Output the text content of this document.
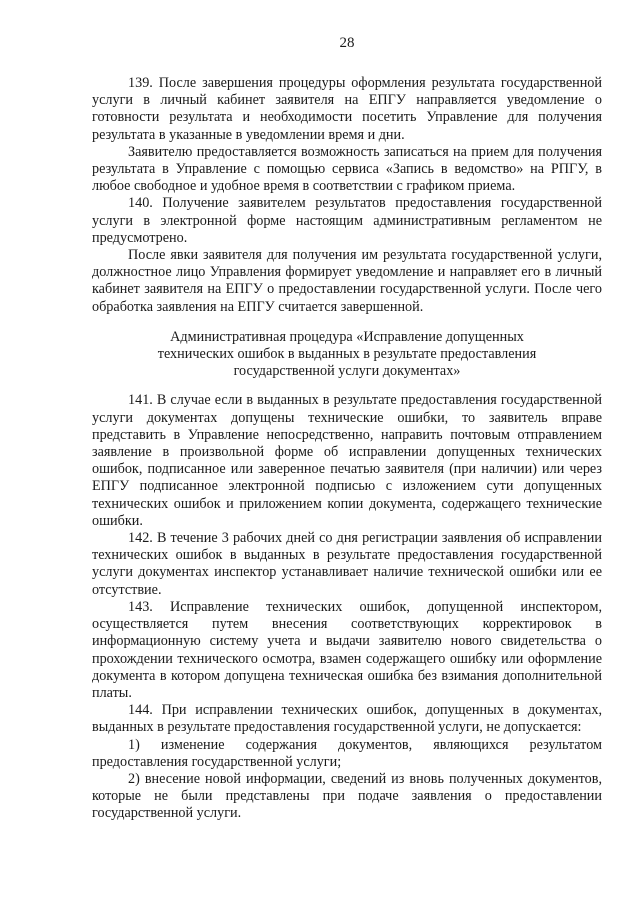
28

139. После завершения процедуры оформления результата государственной услуги в личный кабинет заявителя на ЕПГУ направляется уведомление о готовности результата и необходимости посетить Управление для получения результата в указанные в уведомлении время и дни.

Заявителю предоставляется возможность записаться на прием для получения результата в Управление с помощью сервиса «Запись в ведомство» на РПГУ, в любое свободное и удобное время в соответствии с графиком приема.

140. Получение заявителем результатов предоставления государственной услуги в электронной форме настоящим административным регламентом не предусмотрено.

После явки заявителя для получения им результата государственной услуги, должностное лицо Управления формирует уведомление и направляет его в личный кабинет заявителя на ЕПГУ о предоставлении государственной услуги. После чего обработка заявления на ЕПГУ считается завершенной.

Административная процедура «Исправление допущенных
технических ошибок в выданных в результате предоставления
государственной услуги документах»

141. В случае если в выданных в результате предоставления государственной услуги документах допущены технические ошибки, то заявитель вправе представить в Управление непосредственно, направить почтовым отправлением заявление в произвольной форме об исправлении допущенных технических ошибок, подписанное или заверенное печатью заявителя (при наличии) или через ЕПГУ подписанное электронной подписью с изложением сути допущенных технических ошибок и приложением копии документа, содержащего технические ошибки.

142. В течение 3 рабочих дней со дня регистрации заявления об исправлении технических ошибок в выданных в результате предоставления государственной услуги документах инспектор устанавливает наличие технической ошибки или ее отсутствие.

143. Исправление технических ошибок, допущенной инспектором, осуществляется путем внесения соответствующих корректировок в информационную систему учета и выдачи заявителю нового свидетельства о прохождении технического осмотра, взамен содержащего ошибку или оформление документа в котором допущена техническая ошибка без взимания дополнительной платы.

144. При исправлении технических ошибок, допущенных в документах, выданных в результате предоставления государственной услуги, не допускается:

1) изменение содержания документов, являющихся результатом предоставления государственной услуги;

2) внесение новой информации, сведений из вновь полученных документов, которые не были представлены при подаче заявления о предоставлении государственной услуги.
